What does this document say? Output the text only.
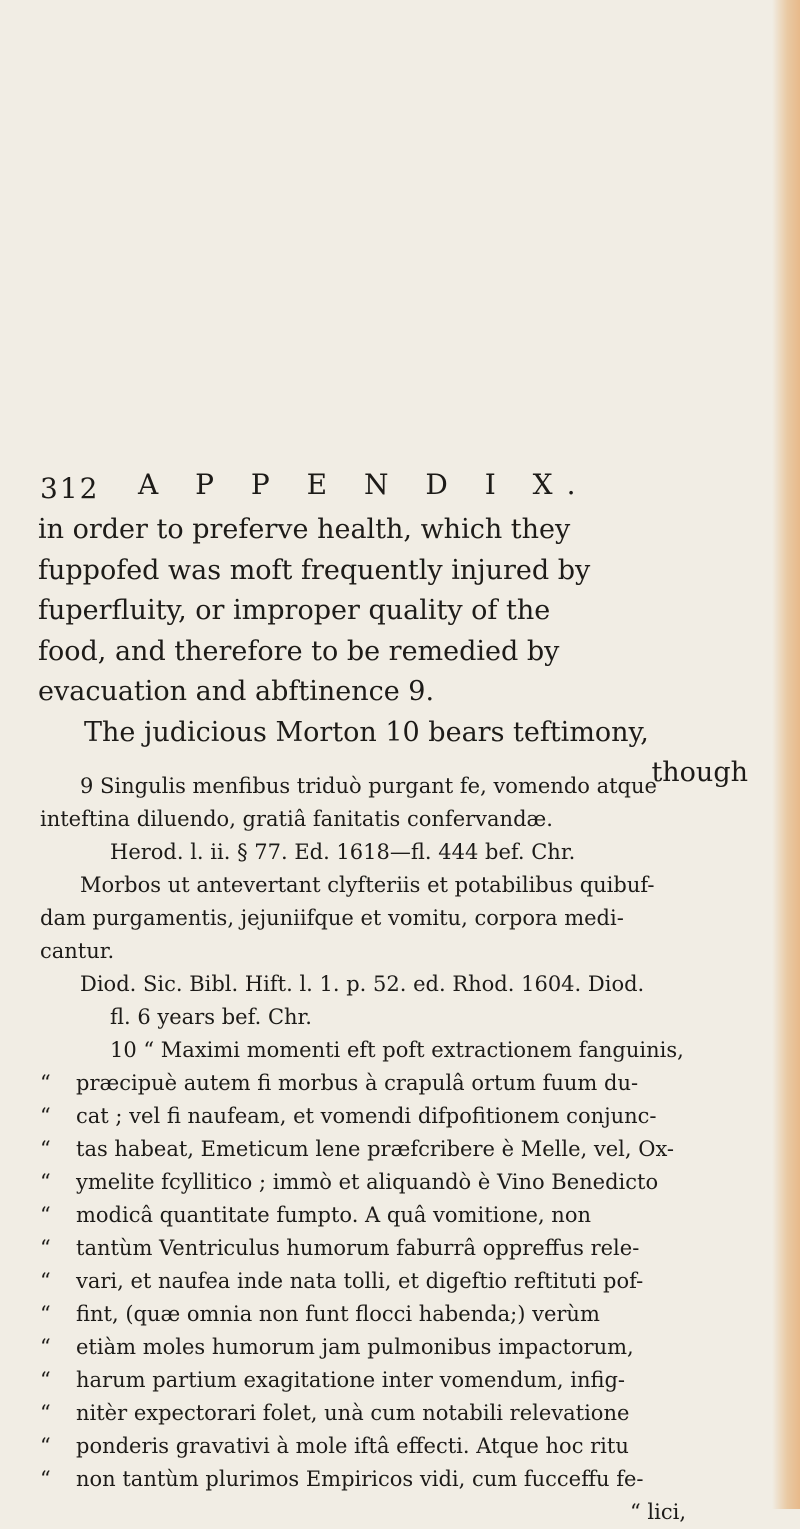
312 A P P E N D I X.
in order to preferve health, which they
fuppofed was moft frequently injured by
fuperfluity, or improper quality of the
food, and therefore to be remedied by
evacuation and abftinence 9.
The judicious Morton 10 bears teftimony,
though
9 Singulis menfibus triduò purgant fe, vomendo atque
inteftina diluendo, gratiâ fanitatis confervandæ.
Herod. l. ii. § 77. Ed. 1618—fl. 444 bef. Chr.
Morbos ut antevertant clyfteriis et potabilibus quibuf-
dam purgamentis, jejuniifque et vomitu, corpora medi-
cantur.
Diod. Sic. Bibl. Hift. l. 1. p. 52. ed. Rhod. 1604. Diod.
fl. 6 years bef. Chr.
10 “ Maximi momenti eft poft extractionem fanguinis,
“ præcipuè autem fi morbus à crapulâ ortum fuum du-
“ cat ; vel fi naufeam, et vomendi difpofitionem conjunc-
“ tas habeat, Emeticum lene præfcribere è Melle, vel, Ox-
“ ymelite fcyllitico ; immò et aliquandò è Vino Benedicto
“ modicâ quantitate fumpto. A quâ vomitione, non
“ tantùm Ventriculus humorum faburrâ oppreffus rele-
“ vari, et naufea inde nata tolli, et digeftio reftituti pof-
“ fint, (quæ omnia non funt flocci habenda;) verùm
“ etiàm moles humorum jam pulmonibus impactorum,
“ harum partium exagitatione inter vomendum, infig-
“ nitèr expectorari folet, unà cum notabili relevatione
“ ponderis gravativi à mole iftâ effecti. Atque hoc ritu
“ non tantùm plurimos Empiricos vidi, cum fucceffu fe-
“ lici,
